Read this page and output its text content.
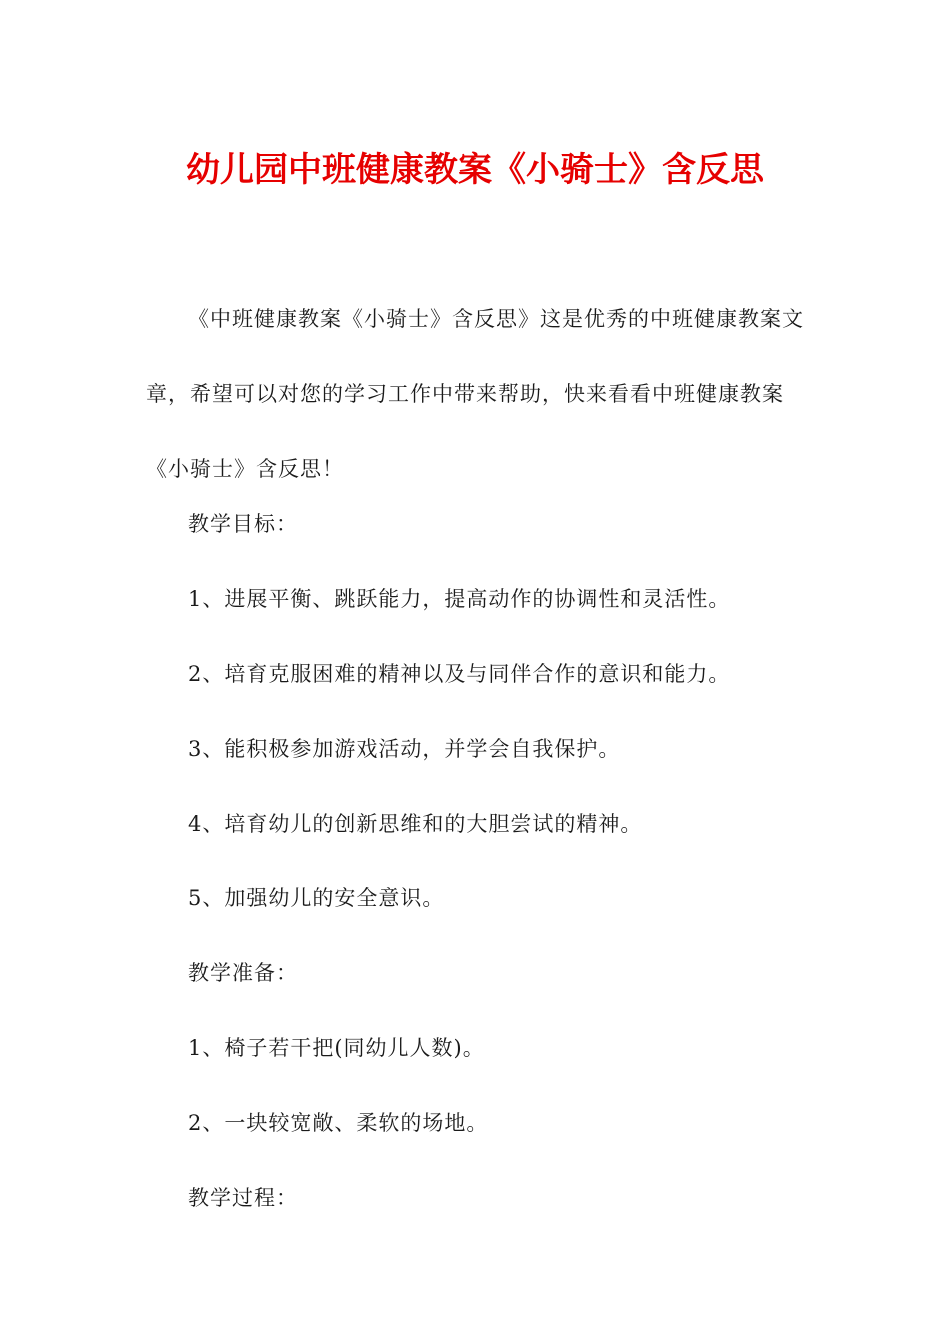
幼儿园中班健康教案《小骑士》含反思

《中班健康教案《小骑士》含反思》这是优秀的中班健康教案文章，希望可以对您的学习工作中带来帮助，快来看看中班健康教案《小骑士》含反思！

教学目标：

1、进展平衡、跳跃能力，提高动作的协调性和灵活性。

2、培育克服困难的精神以及与同伴合作的意识和能力。

3、能积极参加游戏活动，并学会自我保护。

4、培育幼儿的创新思维和的大胆尝试的精神。

5、加强幼儿的安全意识。

教学准备：

1、椅子若干把(同幼儿人数)。

2、一块较宽敞、柔软的场地。

教学过程：
